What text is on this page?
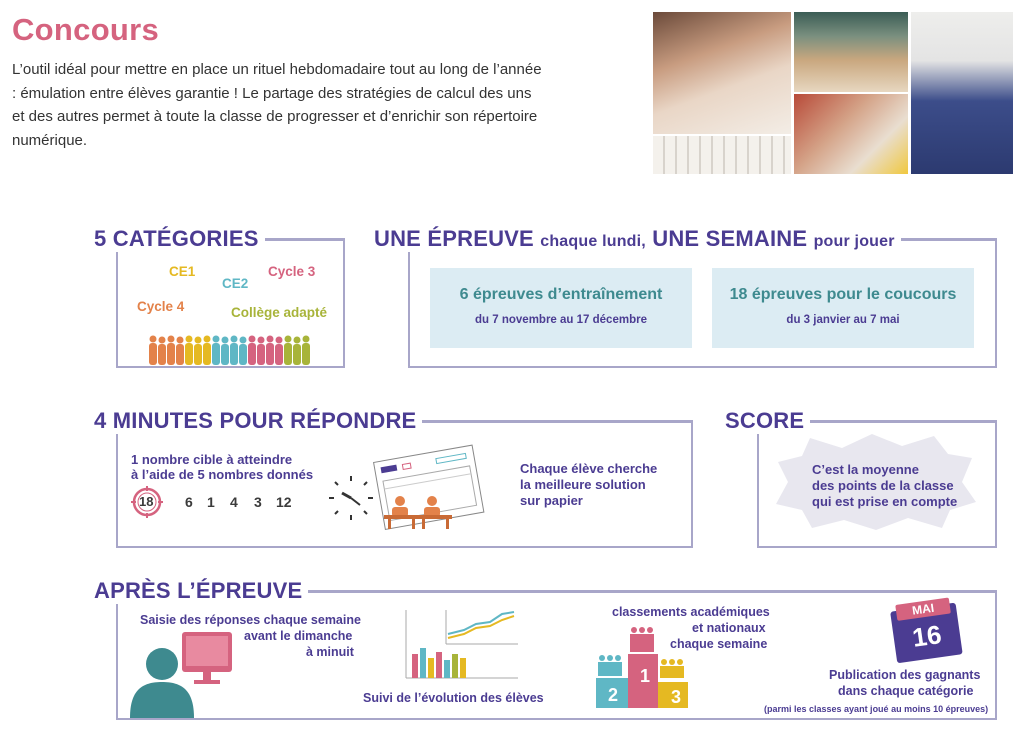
Concours
L’outil idéal pour mettre en place un rituel hebdomadaire tout au long de l’année : émulation entre élèves garantie ! Le partage des stratégies de calcul des uns et des autres permet à toute la classe de progresser et d’enrichir son répertoire numérique.
5 CATÉGORIES
CE1
CE2
Cycle 3
Cycle 4	Collège adapté
UNE ÉPREUVE chaque lundi, UNE SEMAINE pour jouer
6 épreuves d’entraînement
du 7 novembre au 17 décembre
18 épreuves pour le coucours
du 3 janvier au 7 mai
4 MINUTES POUR RÉPONDRE
1 nombre cible à atteindre
à l’aide de 5 nombres donnés
18 6 1 4 3 12
Chaque élève cherche
la meilleure solution
sur papier
SCORE
C’est la moyenne
des points de la classe
qui est prise en compte
APRÈS L’ÉPREUVE
Saisie des réponses chaque semaine
avant le dimanche
à minuit
Suivi de l’évolution des élèves
classements académiques
et nationaux
chaque semaine
2
1
3
MAI
16
Publication des gagnants
dans chaque catégorie
(parmi les classes ayant joué au moins 10 épreuves)
